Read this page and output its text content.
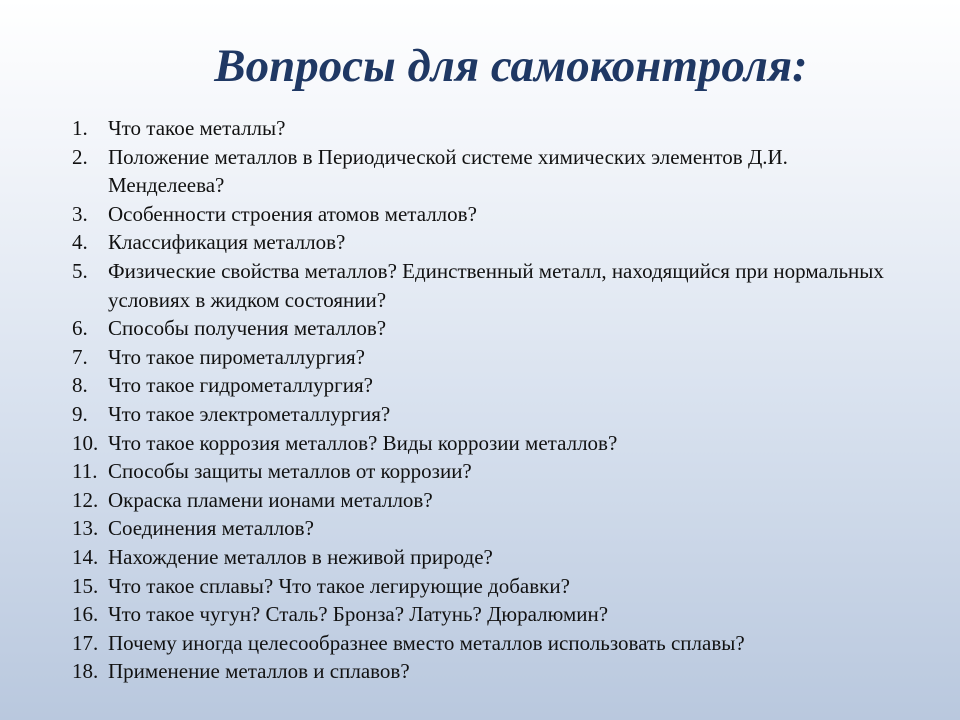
Вопросы для самоконтроля:
1. Что такое металлы?
2. Положение металлов в Периодической системе химических элементов Д.И. Менделеева?
3. Особенности строения атомов металлов?
4. Классификация металлов?
5. Физические свойства металлов? Единственный металл, находящийся при нормальных условиях в жидком состоянии?
6. Способы получения металлов?
7. Что такое пирометаллургия?
8. Что такое гидрометаллургия?
9. Что такое электрометаллургия?
10. Что такое коррозия металлов? Виды коррозии металлов?
11. Способы защиты металлов от коррозии?
12. Окраска пламени ионами металлов?
13. Соединения металлов?
14. Нахождение металлов в неживой природе?
15. Что такое сплавы? Что такое легирующие добавки?
16. Что такое чугун? Сталь? Бронза? Латунь? Дюралюмин?
17. Почему иногда целесообразнее вместо металлов использовать сплавы?
18. Применение металлов и сплавов?
